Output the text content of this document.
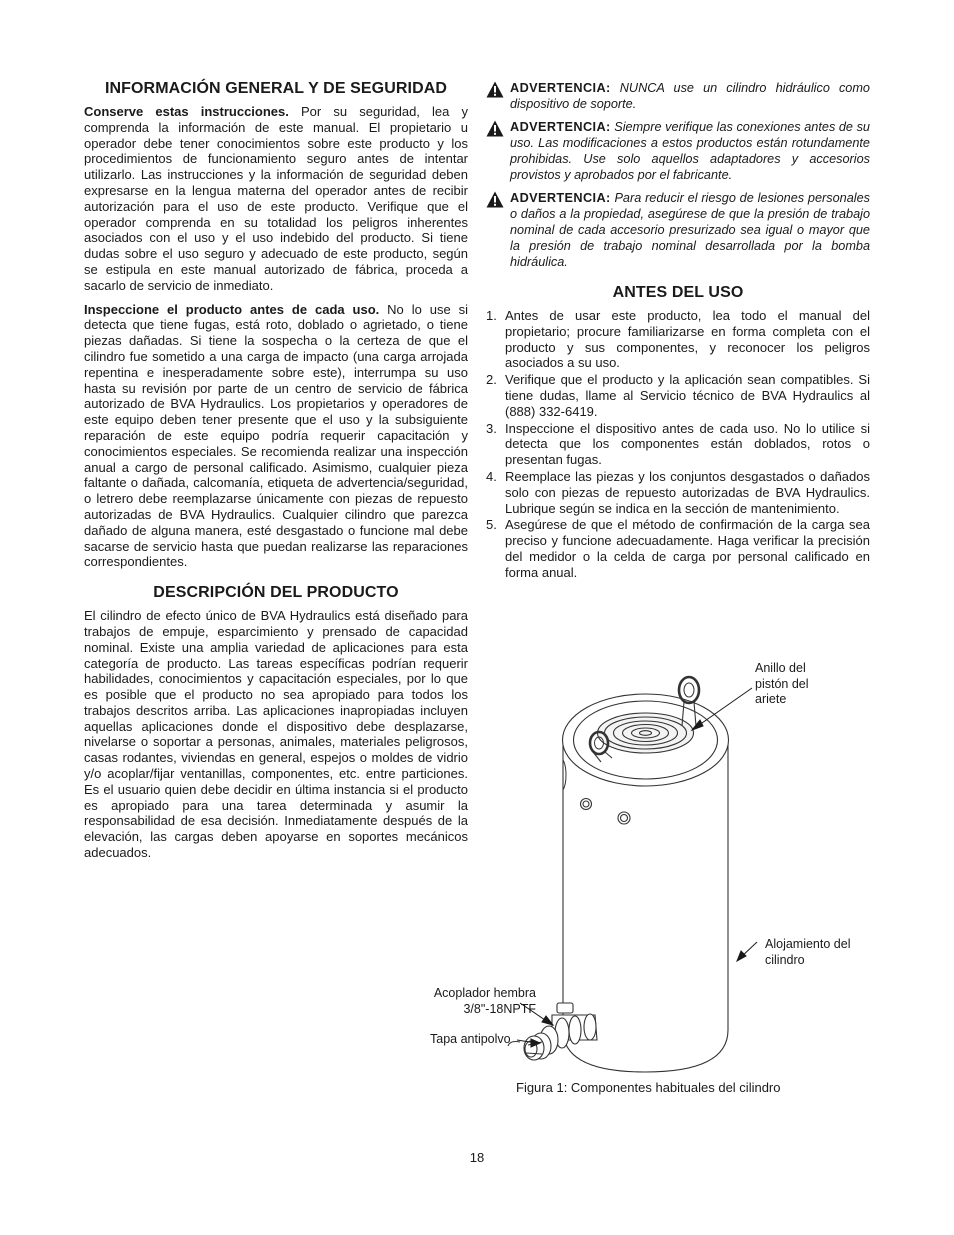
INFORMACIÓN GENERAL Y DE SEGURIDAD

Conserve estas instrucciones. Por su seguridad, lea y comprenda la información de este manual. El propietario u operador debe tener conocimientos sobre este producto y los procedimientos de funcionamiento seguro antes de intentar utilizarlo. Las instrucciones y la información de seguridad deben expresarse en la lengua materna del operador antes de recibir autorización para el uso de este producto. Verifique que el operador comprenda en su totalidad los peligros inherentes asociados con el uso y el uso indebido del producto. Si tiene dudas sobre el uso seguro y adecuado de este producto, según se estipula en este manual autorizado de fábrica, proceda a sacarlo de servicio de inmediato.

Inspeccione el producto antes de cada uso. No lo use si detecta que tiene fugas, está roto, doblado o agrietado, o tiene piezas dañadas. Si tiene la sospecha o la certeza de que el cilindro fue sometido a una carga de impacto (una carga arrojada repentina e inesperadamente sobre este), interrumpa su uso hasta su revisión por parte de un centro de servicio de fábrica autorizado de BVA Hydraulics. Los propietarios y operadores de este equipo deben tener presente que el uso y la subsiguiente reparación de este equipo podría requerir capacitación y conocimientos especiales. Se recomienda realizar una inspección anual a cargo de personal calificado. Asimismo, cualquier pieza faltante o dañada, calcomanía, etiqueta de advertencia/seguridad, o letrero debe reemplazarse únicamente con piezas de repuesto autorizadas de BVA Hydraulics. Cualquier cilindro que parezca dañado de alguna manera, esté desgastado o funcione mal debe sacarse de servicio hasta que puedan realizarse las reparaciones correspondientes.

DESCRIPCIÓN DEL PRODUCTO

El cilindro de efecto único de BVA Hydraulics está diseñado para trabajos de empuje, esparcimiento y prensado de capacidad nominal. Existe una amplia variedad de aplicaciones para esta categoría de producto. Las tareas específicas podrían requerir habilidades, conocimientos y capacitación especiales, por lo que es posible que el producto no sea apropiado para todos los trabajos descritos arriba. Las aplicaciones inapropiadas incluyen aquellas aplicaciones donde el dispositivo debe desplazarse, nivelarse o soportar a personas, animales, materiales peligrosos, casas rodantes, viviendas en general, espejos o moldes de vidrio y/o acoplar/fijar ventanillas, componentes, etc. entre particiones. Es el usuario quien debe decidir en última instancia si el producto es apropiado para una tarea determinada y asumir la responsabilidad de esa decisión. Inmediatamente después de la elevación, las cargas deben apoyarse en soportes mecánicos adecuados.

ADVERTENCIA: NUNCA use un cilindro hidráulico como dispositivo de soporte.
ADVERTENCIA: Siempre verifique las conexiones antes de su uso. Las modificaciones a estos productos están rotundamente prohibidas. Use solo aquellos adaptadores y accesorios provistos y aprobados por el fabricante.
ADVERTENCIA: Para reducir el riesgo de lesiones personales o daños a la propiedad, asegúrese de que la presión de trabajo nominal de cada accesorio presurizado sea igual o mayor que la presión de trabajo nominal desarrollada por la bomba hidráulica.
ANTES DEL USO
1. Antes de usar este producto, lea todo el manual del propietario; procure familiarizarse en forma completa con el producto y sus componentes, y reconocer los peligros asociados a su uso.
2. Verifique que el producto y la aplicación sean compatibles. Si tiene dudas, llame al Servicio técnico de BVA Hydraulics al (888) 332-6419.
3. Inspeccione el dispositivo antes de cada uso. No lo utilice si detecta que los componentes están doblados, rotos o presentan fugas.
4. Reemplace las piezas y los conjuntos desgastados o dañados solo con piezas de repuesto autorizadas de BVA Hydraulics. Lubrique según se indica en la sección de mantenimiento.
5. Asegúrese de que el método de confirmación de la carga sea preciso y funcione adecuadamente. Haga verificar la precisión del medidor o la celda de carga por personal calificado en forma anual.
Anillo del pistón del ariete
Alojamiento del cilindro
Acoplador hembra 3/8"-18NPTF
Tapa antipolvo
Figura 1: Componentes habituales del cilindro
18
